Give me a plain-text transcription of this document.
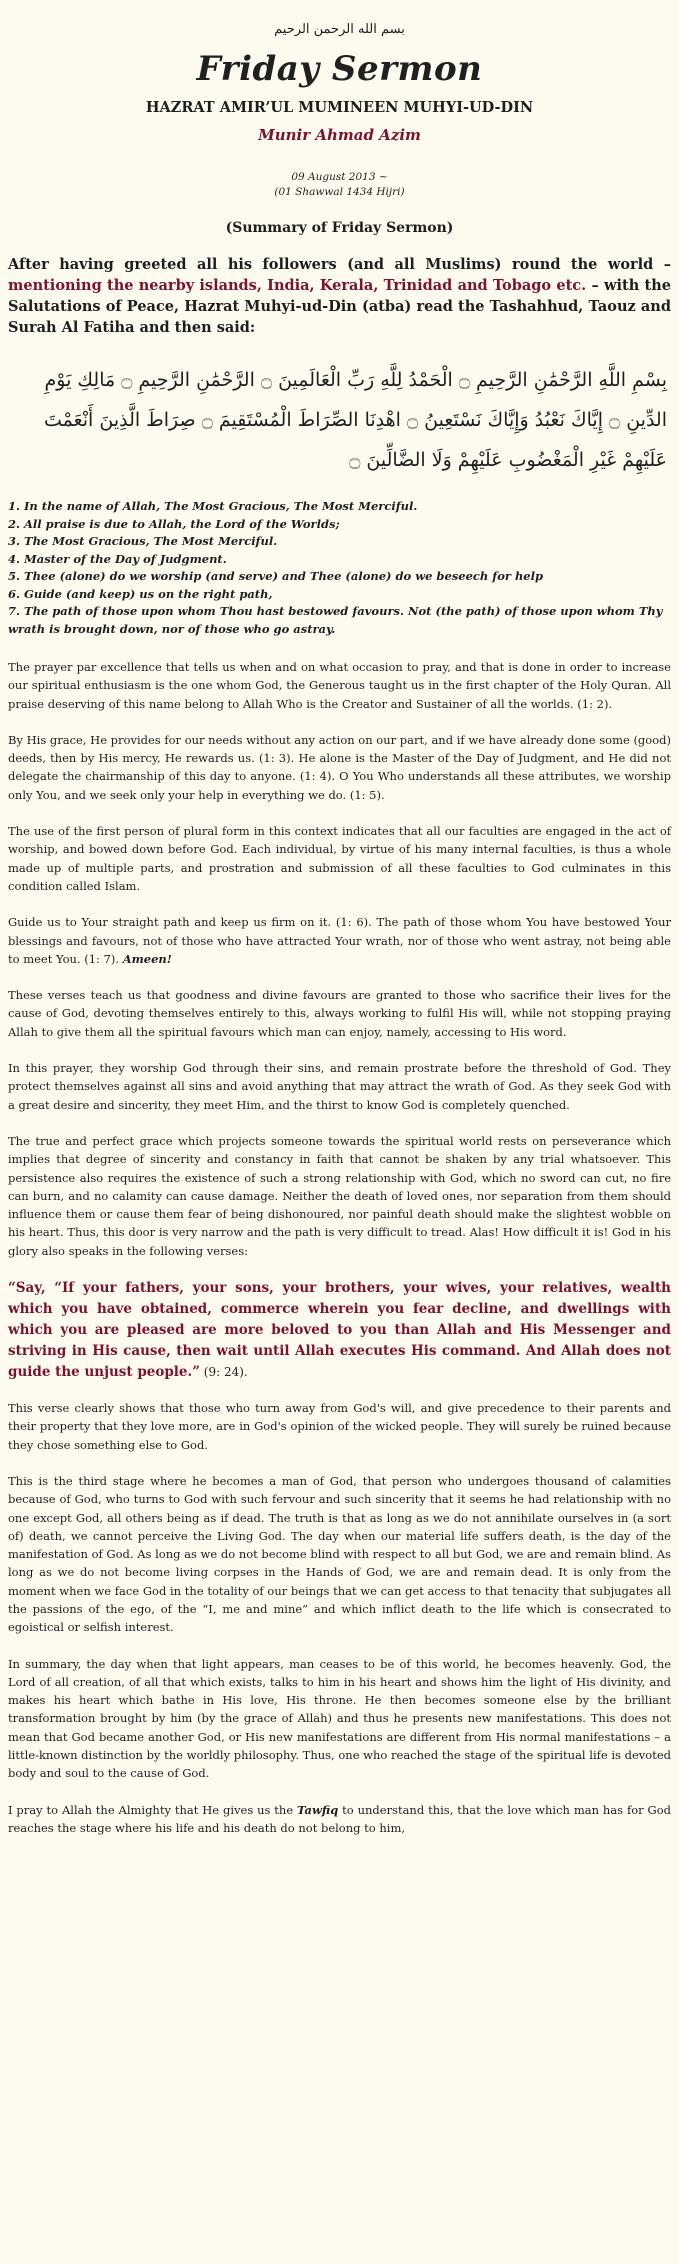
بسم الله الرحمن الرحيم
Friday Sermon
HAZRAT AMIR’UL MUMINEEN MUHYI-UD-DIN
Munir Ahmad Azim
09 August 2013 ~
(01 Shawwal 1434 Hijri)
(Summary of Friday Sermon)
After having greeted all his followers (and all Muslims) round the world – mentioning the nearby islands, India, Kerala, Trinidad and Tobago etc. – with the Salutations of Peace, Hazrat Muhyi-ud-Din (atba) read the Tashahhud, Taouz and Surah Al Fatiha and then said:
بِسْمِ اللَّهِ الرَّحْمَٰنِ الرَّحِيمِ ۝ الْحَمْدُ لِلَّهِ رَبِّ الْعَالَمِينَ ۝ الرَّحْمَٰنِ الرَّحِيمِ ۝ مَالِكِ يَوْمِ الدِّينِ ۝ إِيَّاكَ نَعْبُدُ وَإِيَّاكَ نَسْتَعِينُ ۝ اهْدِنَا الصِّرَاطَ الْمُسْتَقِيمَ ۝ صِرَاطَ الَّذِينَ أَنْعَمْتَ عَلَيْهِمْ غَيْرِ الْمَغْضُوبِ عَلَيْهِمْ وَلَا الضَّالِّينَ ۝
1. In the name of Allah, The Most Gracious, The Most Merciful.
2. All praise is due to Allah, the Lord of the Worlds;
3. The Most Gracious, The Most Merciful.
4. Master of the Day of Judgment.
5. Thee (alone) do we worship (and serve) and Thee (alone) do we beseech for help
6. Guide (and keep) us on the right path,
7. The path of those upon whom Thou hast bestowed favours. Not (the path) of those upon whom Thy wrath is brought down, nor of those who go astray.

The prayer par excellence that tells us when and on what occasion to pray, and that is done in order to increase our spiritual enthusiasm is the one whom God, the Generous taught us in the first chapter of the Holy Quran. All praise deserving of this name belong to Allah Who is the Creator and Sustainer of all the worlds. (1: 2).

By His grace, He provides for our needs without any action on our part, and if we have already done some (good) deeds, then by His mercy, He rewards us. (1: 3). He alone is the Master of the Day of Judgment, and He did not delegate the chairmanship of this day to anyone. (1: 4). O You Who understands all these attributes, we worship only You, and we seek only your help in everything we do. (1: 5).

The use of the first person of plural form in this context indicates that all our faculties are engaged in the act of worship, and bowed down before God. Each individual, by virtue of his many internal faculties, is thus a whole made up of multiple parts, and prostration and submission of all these faculties to God culminates in this condition called Islam.

Guide us to Your straight path and keep us firm on it. (1: 6). The path of those whom You have bestowed Your blessings and favours, not of those who have attracted Your wrath, nor of those who went astray, not being able to meet You. (1: 7). Ameen!

These verses teach us that goodness and divine favours are granted to those who sacrifice their lives for the cause of God, devoting themselves entirely to this, always working to fulfil His will, while not stopping praying Allah to give them all the spiritual favours which man can enjoy, namely, accessing to His word.

In this prayer, they worship God through their sins, and remain prostrate before the threshold of God. They protect themselves against all sins and avoid anything that may attract the wrath of God. As they seek God with a great desire and sincerity, they meet Him, and the thirst to know God is completely quenched.

The true and perfect grace which projects someone towards the spiritual world rests on perseverance which implies that degree of sincerity and constancy in faith that cannot be shaken by any trial whatsoever. This persistence also requires the existence of such a strong relationship with God, which no sword can cut, no fire can burn, and no calamity can cause damage. Neither the death of loved ones, nor separation from them should influence them or cause them fear of being dishonoured, nor painful death should make the slightest wobble on his heart. Thus, this door is very narrow and the path is very difficult to tread. Alas! How difficult it is! God in his glory also speaks in the following verses:

“Say, “If your fathers, your sons, your brothers, your wives, your relatives, wealth which you have obtained, commerce wherein you fear decline, and dwellings with which you are pleased are more beloved to you than Allah and His Messenger and striving in His cause, then wait until Allah executes His command. And Allah does not guide the unjust people.” (9: 24).

This verse clearly shows that those who turn away from God's will, and give precedence to their parents and their property that they love more, are in God's opinion of the wicked people. They will surely be ruined because they chose something else to God.

This is the third stage where he becomes a man of God, that person who undergoes thousand of calamities because of God, who turns to God with such fervour and such sincerity that it seems he had relationship with no one except God, all others being as if dead. The truth is that as long as we do not annihilate ourselves in (a sort of) death, we cannot perceive the Living God. The day when our material life suffers death, is the day of the manifestation of God. As long as we do not become blind with respect to all but God, we are and remain blind. As long as we do not become living corpses in the Hands of God, we are and remain dead. It is only from the moment when we face God in the totality of our beings that we can get access to that tenacity that subjugates all the passions of the ego, of the “I, me and mine” and which inflict death to the life which is consecrated to egoistical or selfish interest.

In summary, the day when that light appears, man ceases to be of this world, he becomes heavenly. God, the Lord of all creation, of all that which exists, talks to him in his heart and shows him the light of His divinity, and makes his heart which bathe in His love, His throne. He then becomes someone else by the brilliant transformation brought by him (by the grace of Allah) and thus he presents new manifestations. This does not mean that God became another God, or His new manifestations are different from His normal manifestations – a little-known distinction by the worldly philosophy. Thus, one who reached the stage of the spiritual life is devoted body and soul to the cause of God.

I pray to Allah the Almighty that He gives us the Tawfiq to understand this, that the love which man has for God reaches the stage where his life and his death do not belong to him,
